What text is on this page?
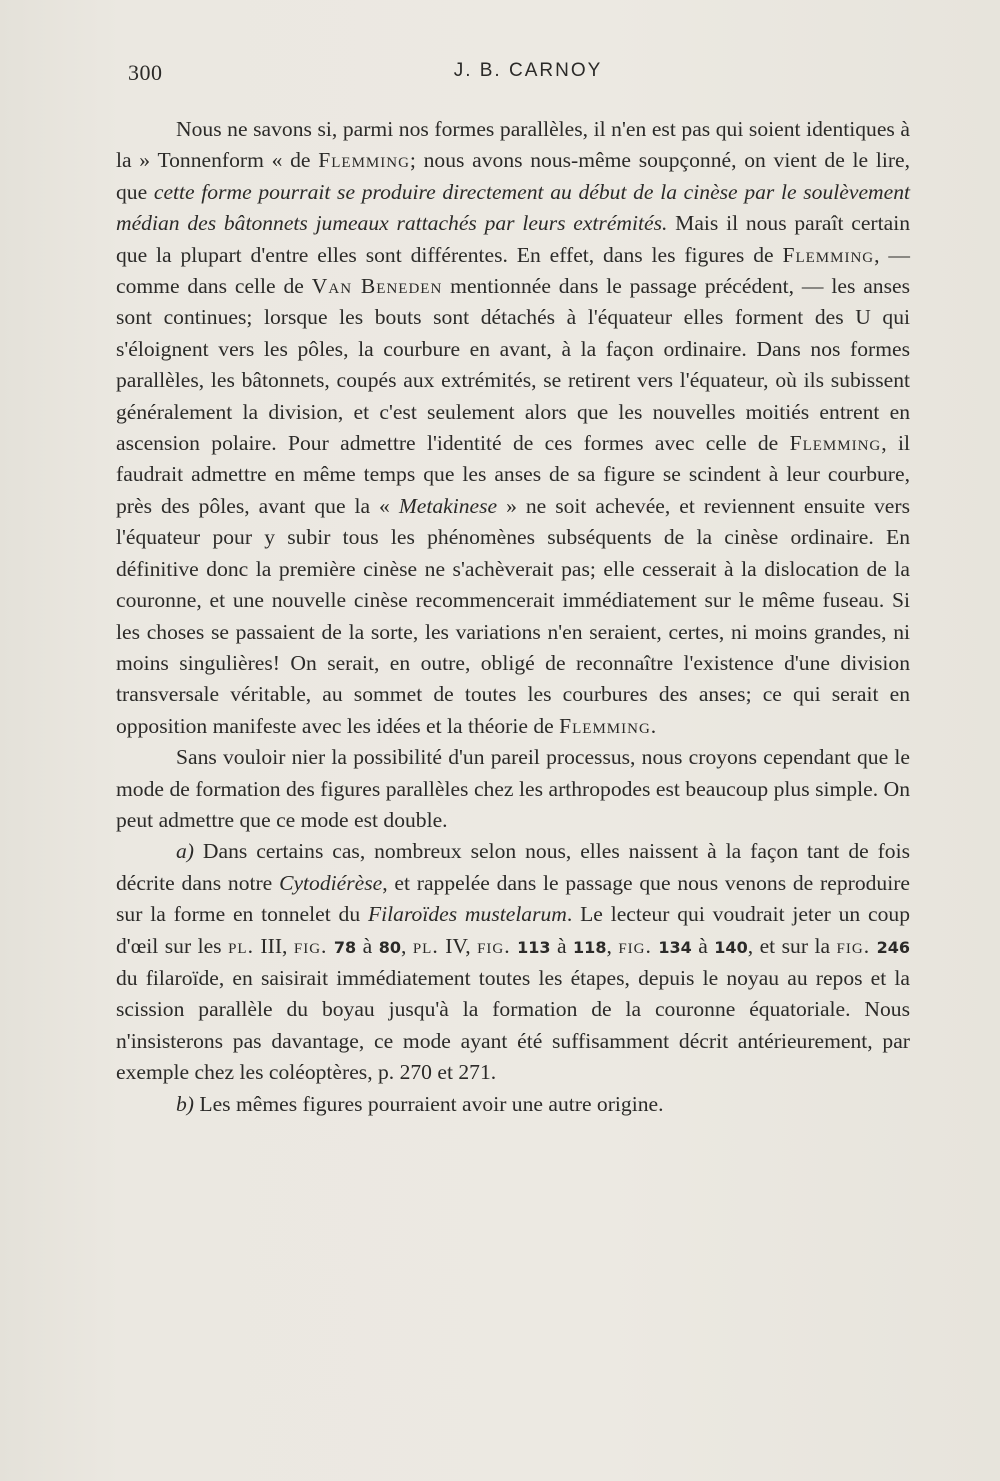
300	J. B. CARNOY

Nous ne savons si, parmi nos formes parallèles, il n'en est pas qui soient identiques à la » Tonnenform « de Flemming; nous avons nous-même soupçonné, on vient de le lire, que cette forme pourrait se produire directement au début de la cinèse par le soulèvement médian des bâtonnets jumeaux rattachés par leurs extrémités. Mais il nous paraît certain que la plupart d'entre elles sont différentes. En effet, dans les figures de Flemming, — comme dans celle de Van Beneden mentionnée dans le passage précédent, — les anses sont continues; lorsque les bouts sont détachés à l'équateur elles forment des U qui s'éloignent vers les pôles, la courbure en avant, à la façon ordinaire. Dans nos formes parallèles, les bâtonnets, coupés aux extrémités, se retirent vers l'équateur, où ils subissent généralement la division, et c'est seulement alors que les nouvelles moitiés entrent en ascension polaire. Pour admettre l'identité de ces formes avec celle de Flemming, il faudrait admettre en même temps que les anses de sa figure se scindent à leur courbure, près des pôles, avant que la « Metakinese » ne soit achevée, et reviennent ensuite vers l'équateur pour y subir tous les phénomènes subséquents de la cinèse ordinaire. En définitive donc la première cinèse ne s'achèverait pas; elle cesserait à la dislocation de la couronne, et une nouvelle cinèse recommencerait immédiatement sur le même fuseau. Si les choses se passaient de la sorte, les variations n'en seraient, certes, ni moins grandes, ni moins singulières! On serait, en outre, obligé de reconnaître l'existence d'une division transversale véritable, au sommet de toutes les courbures des anses; ce qui serait en opposition manifeste avec les idées et la théorie de Flemming.

Sans vouloir nier la possibilité d'un pareil processus, nous croyons cependant que le mode de formation des figures parallèles chez les arthropodes est beaucoup plus simple. On peut admettre que ce mode est double.

a) Dans certains cas, nombreux selon nous, elles naissent à la façon tant de fois décrite dans notre Cytodiérèse, et rappelée dans le passage que nous venons de reproduire sur la forme en tonnelet du Filaroïdes mustelarum. Le lecteur qui voudrait jeter un coup d'œil sur les pl. III, fig. 78 à 80, pl. IV, fig. 113 à 118, fig. 134 à 140, et sur la fig. 246 du filaroïde, en saisirait immédiatement toutes les étapes, depuis le noyau au repos et la scission parallèle du boyau jusqu'à la formation de la couronne équatoriale. Nous n'insisterons pas davantage, ce mode ayant été suffisamment décrit antérieurement, par exemple chez les coléoptères, p. 270 et 271.

b) Les mêmes figures pourraient avoir une autre origine.
